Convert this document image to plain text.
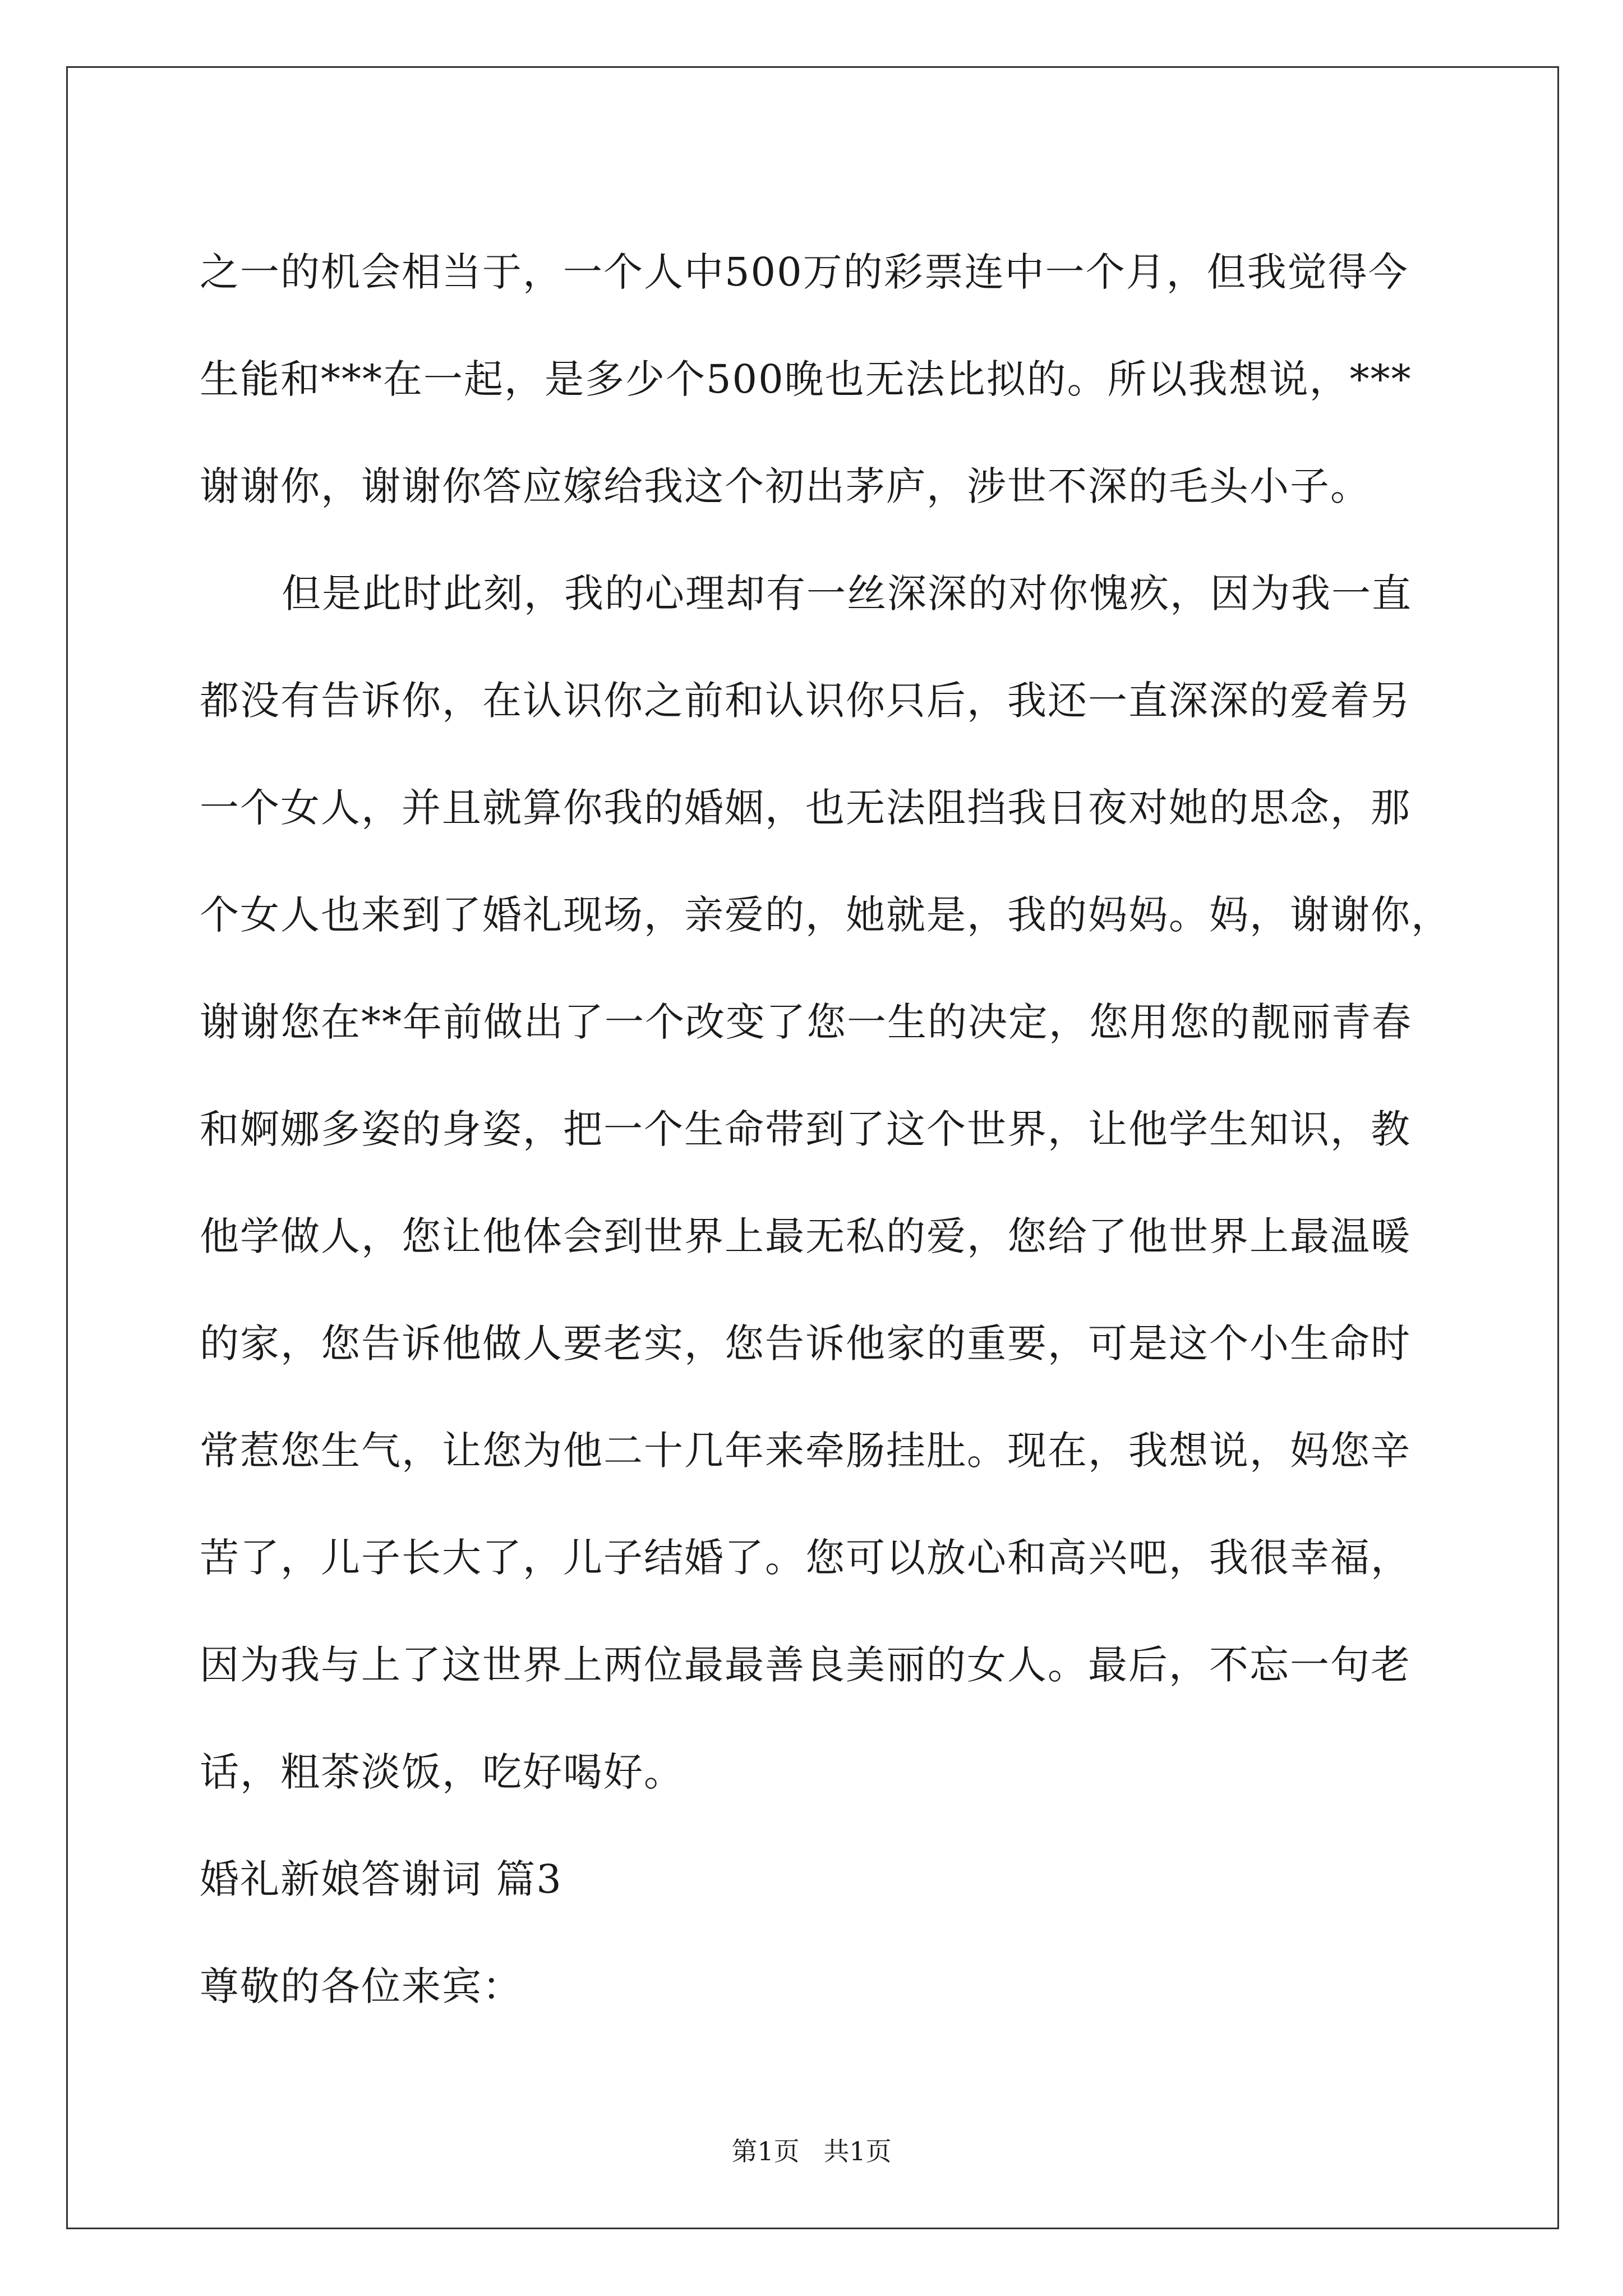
之一的机会相当于，一个人中500万的彩票连中一个月，但我觉得今
生能和***在一起，是多少个500晚也无法比拟的。所以我想说，***
谢谢你，谢谢你答应嫁给我这个初出茅庐，涉世不深的毛头小子。
但是此时此刻，我的心理却有一丝深深的对你愧疚，因为我一直
都没有告诉你，在认识你之前和认识你只后，我还一直深深的爱着另
一个女人，并且就算你我的婚姻，也无法阻挡我日夜对她的思念，那
个女人也来到了婚礼现场，亲爱的，她就是，我的妈妈。妈，谢谢你，
谢谢您在**年前做出了一个改变了您一生的决定，您用您的靓丽青春
和婀娜多姿的身姿，把一个生命带到了这个世界，让他学生知识，教
他学做人，您让他体会到世界上最无私的爱，您给了他世界上最温暖
的家，您告诉他做人要老实，您告诉他家的重要，可是这个小生命时
常惹您生气，让您为他二十几年来牵肠挂肚。现在，我想说，妈您辛
苦了，儿子长大了，儿子结婚了。您可以放心和高兴吧，我很幸福，
因为我与上了这世界上两位最最善良美丽的女人。最后，不忘一句老
话，粗茶淡饭，吃好喝好。
婚礼新娘答谢词 篇3
尊敬的各位来宾：
第1页 共1页
